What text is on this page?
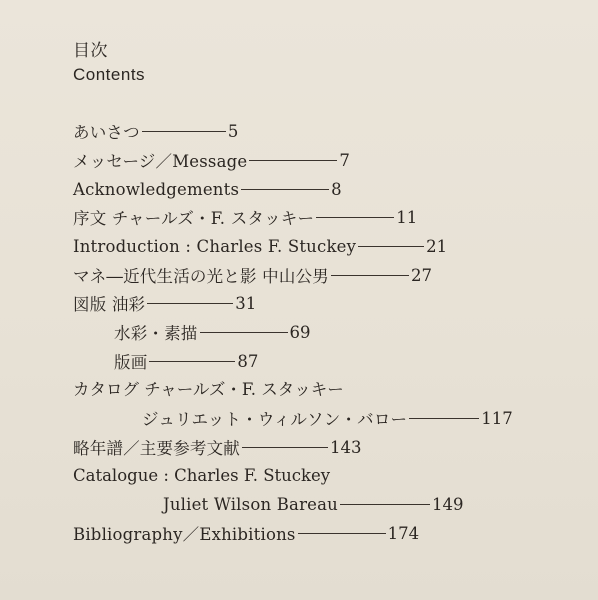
目次
Contents
あいさつ	5
メッセージ／Message	7
Acknowledgements	8
序文 チャールズ・F. スタッキー	11
Introduction : Charles F. Stuckey	21
マネ―近代生活の光と影 中山公男	27
図版 油彩	31
水彩・素描	69
版画	87
カタログ チャールズ・F. スタッキー
ジュリエット・ウィルソン・バロー	117
略年譜／主要参考文献	143
Catalogue : Charles F. Stuckey
Juliet Wilson Bareau	149
Bibliography／Exhibitions	174
